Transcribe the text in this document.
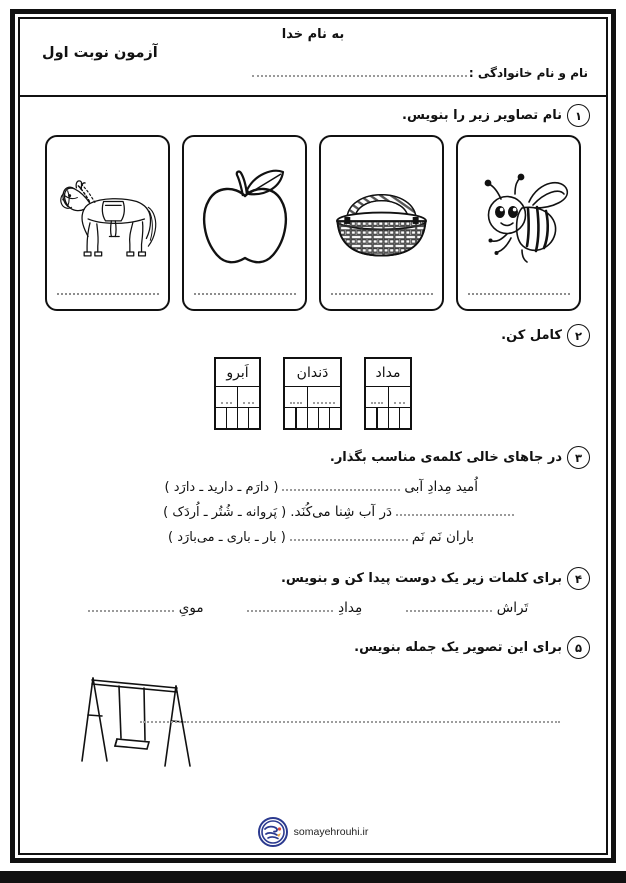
به نام خدا
آزمون نوبت اول
نام و نام خانوادگی :
۱
نام تصاویر زیر را بنویس.
۲
کامل کن.
مداد			

دَندان				

اَبرو			

۳
در جاهای خالی کلمه‌ی مناسب بگذار.
اُمید مِدادِ آبی
( دارَم ـ دارید ـ دارَد )
دَر آب شِنا می‌کُنَد.
( پَروانه ـ شُتُر ـ اُردَک )
باران نَم نَم
( بار ـ باری ـ می‌بارَد )
۴
برای کلمات زیر یک دوست پیدا کن و بنویس.
تَراش
مِدادِ
مویِ
۵
برای این تصویر یک جمله بنویس.
somayehrouhi.ir
